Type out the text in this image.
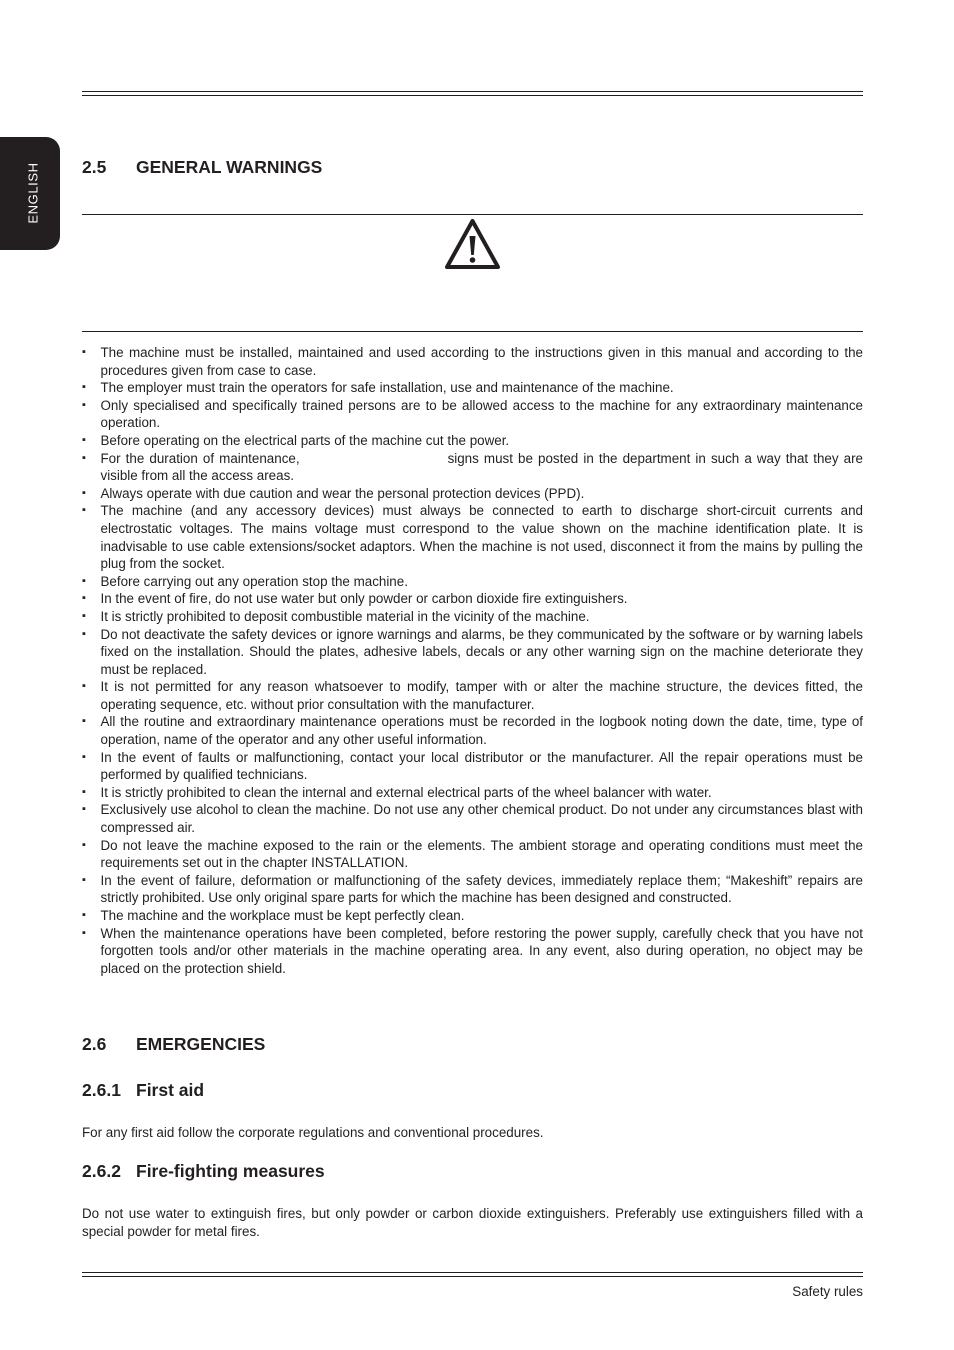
ENGLISH 2.5	GENERAL WARNINGS
▪ The machine must be installed, maintained and used according to the instructions given in this manual and according to the procedures given from case to case.
▪ The employer must train the operators for safe installation, use and maintenance of the machine.
▪ Only specialised and specifically trained persons are to be allowed access to the machine for any extraordinary maintenance operation.
▪ Before operating on the electrical parts of the machine cut the power.
▪ For the duration of maintenance,	signs must be posted in the department in such a way that they are visible from all the access areas.
▪ Always operate with due caution and wear the personal protection devices (PPD).
▪ The machine (and any accessory devices) must always be connected to earth to discharge short-circuit currents and electrostatic voltages. The mains voltage must correspond to the value shown on the machine identification plate. It is inadvisable to use cable extensions/socket adaptors. When the machine is not used, disconnect it from the mains by pulling the plug from the socket.
▪ Before carrying out any operation stop the machine.
▪ In the event of fire, do not use water but only powder or carbon dioxide fire extinguishers.
▪ It is strictly prohibited to deposit combustible material in the vicinity of the machine.
▪ Do not deactivate the safety devices or ignore warnings and alarms, be they communicated by the software or by warning labels fixed on the installation. Should the plates, adhesive labels, decals or any other warning sign on the machine deteriorate they must be replaced.
▪ It is not permitted for any reason whatsoever to modify, tamper with or alter the machine structure, the devices fitted, the operating sequence, etc. without prior consultation with the manufacturer.
▪ All the routine and extraordinary maintenance operations must be recorded in the logbook noting down the date, time, type of operation, name of the operator and any other useful information.
▪ In the event of faults or malfunctioning, contact your local distributor or the manufacturer. All the repair operations must be performed by qualified technicians.
▪ It is strictly prohibited to clean the internal and external electrical parts of the wheel balancer with water.
▪ Exclusively use alcohol to clean the machine. Do not use any other chemical product. Do not under any circumstances blast with compressed air.
▪ Do not leave the machine exposed to the rain or the elements. The ambient storage and operating conditions must meet the requirements set out in the chapter INSTALLATION.
▪ In the event of failure, deformation or malfunctioning of the safety devices, immediately replace them; “Makeshift” repairs are strictly prohibited. Use only original spare parts for which the machine has been designed and constructed.
▪ The machine and the workplace must be kept perfectly clean.
▪ When the maintenance operations have been completed, before restoring the power supply, carefully check that you have not forgotten tools and/or other materials in the machine operating area. In any event, also during operation, no object may be placed on the protection shield.
2.6	EMERGENCIES
2.6.1 First aid

For any first aid follow the corporate regulations and conventional procedures.

2.6.2 Fire-fighting measures

Do not use water to extinguish fires, but only powder or carbon dioxide extinguishers. Preferably use extinguishers filled with a special powder for metal fires.

Safety rules
